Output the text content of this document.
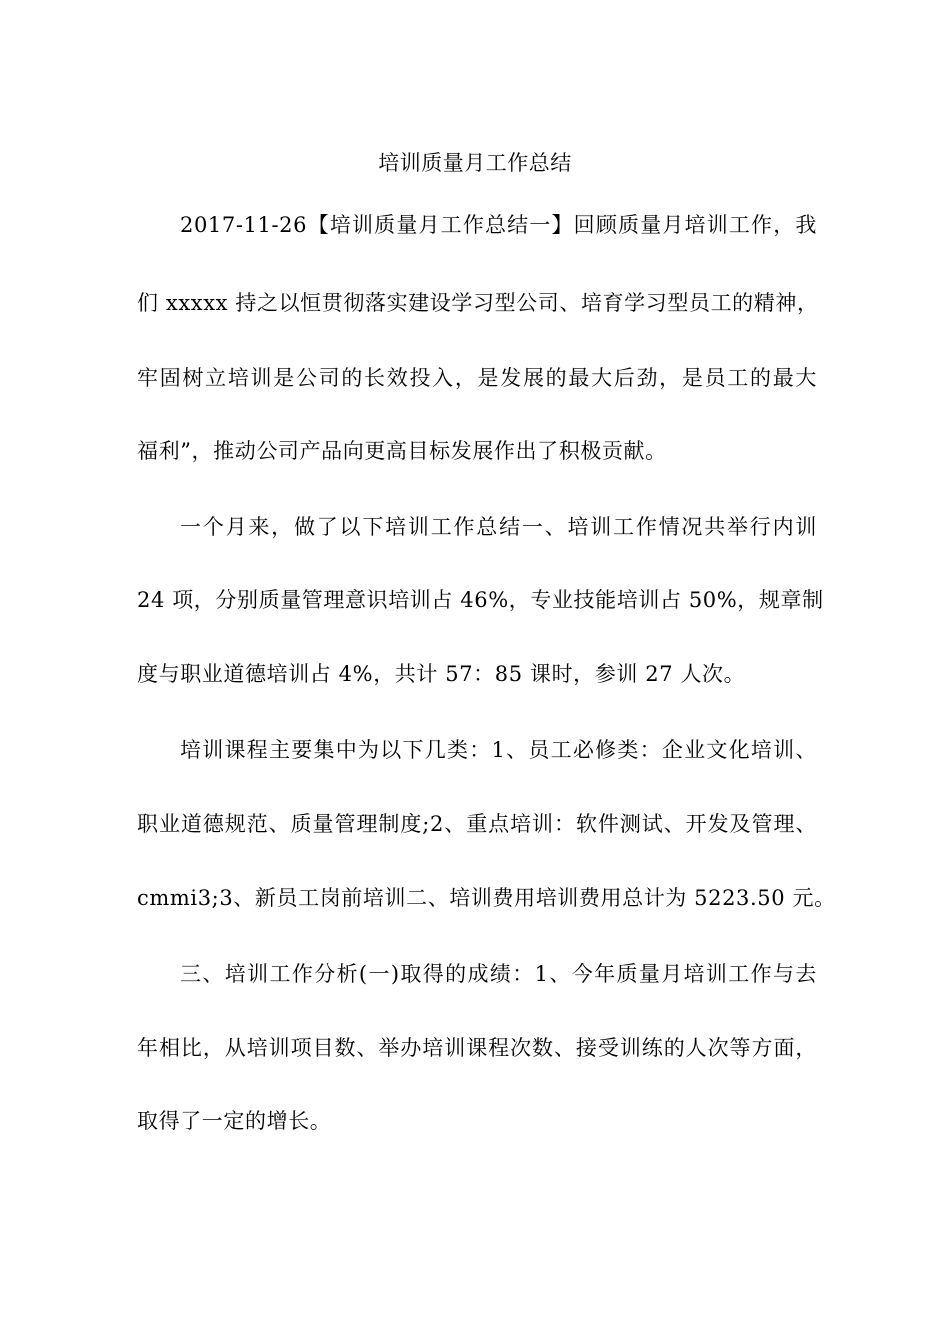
培训质量月工作总结
2017-11-26【培训质量月工作总结一】回顾质量月培训工作，我
们 xxxxx 持之以恒贯彻落实建设学习型公司、培育学习型员工的精神，
牢固树立培训是公司的长效投入，是发展的最大后劲，是员工的最大
福利”，推动公司产品向更高目标发展作出了积极贡献。
一个月来，做了以下培训工作总结一、培训工作情况共举行内训
24 项，分别质量管理意识培训占 46%，专业技能培训占 50%，规章制
度与职业道德培训占 4%，共计 57：85 课时，参训 27 人次。
培训课程主要集中为以下几类：1、员工必修类：企业文化培训、
职业道德规范、质量管理制度;2、重点培训：软件测试、开发及管理、
cmmi3;3、新员工岗前培训二、培训费用培训费用总计为 5223.50 元。
三、培训工作分析(一)取得的成绩：1、今年质量月培训工作与去
年相比，从培训项目数、举办培训课程次数、接受训练的人次等方面，
取得了一定的增长。
